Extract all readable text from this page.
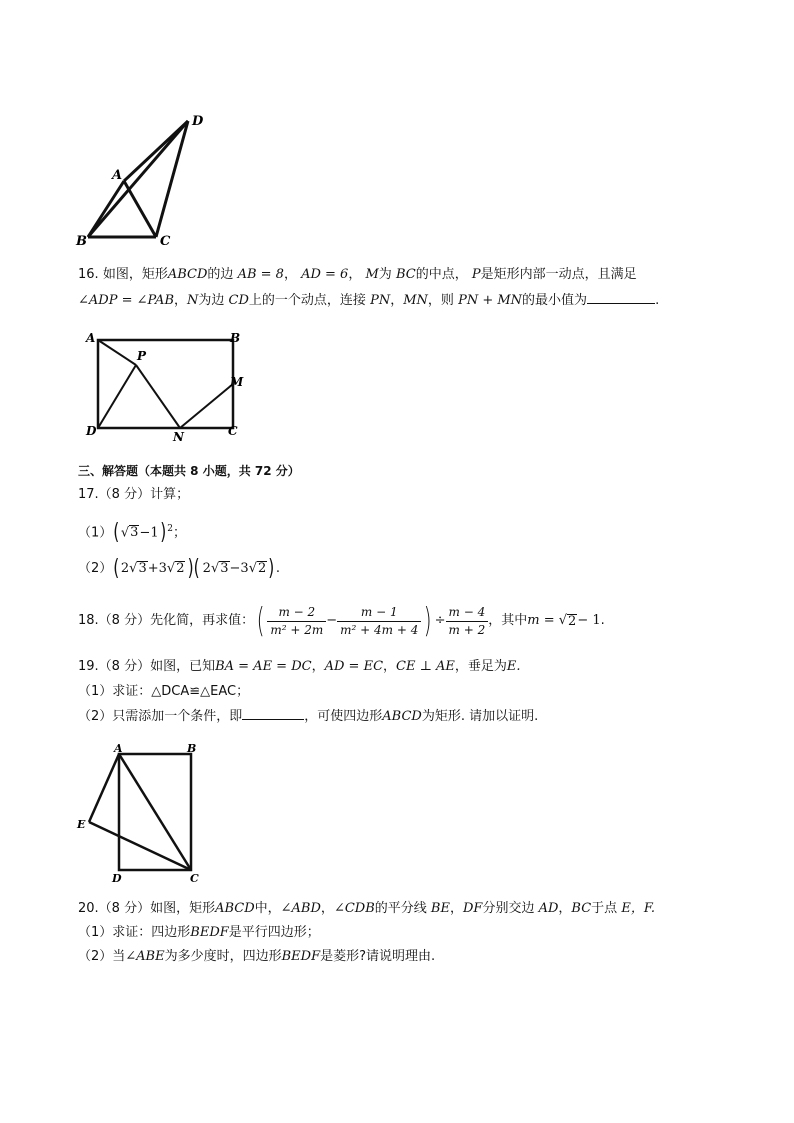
A
B	C
D
16. 如图，矩形ABCD的边 AB = 8， AD = 6， M为 BC的中点， P是矩形内部一动点，且满足
∠ADP = ∠PAB，N为边 CD上的一个动点，连接 PN，MN，则 PN + MN的最小值为	.
A	B
P
M
D	N	C
三、解答题（本题共 8 小题，共 72 分）
17.（8 分）计算；
$(1)(√3-1)^2$；
（2）(2√3+3√2 )( 2√3−3√2 ).
18.（8 分）先化简，再求值：( $\frac{m - 2}{\text{m² + 2m}} - \frac{m - 1}{\text{m² + 4m + 4}}$ ) ÷ $\frac{m - 4}{m + 2}$ ，其中m = √2− 1.
19.（8 分）如图，已知BA = AE = DC，AD = EC，CE ⊥ AE，垂足为E.
（1）求证：△DCA≌△EAC；
（2）只需添加一个条件，即	，可使四边形ABCD为矩形. 请加以证明.
A	B
E
D	C
20.（8 分）如图，矩形ABCD中，∠ABD，∠CDB的平分线 BE，DF分别交边 AD，BC于点 E，F.
（1）求证：四边形BEDF是平行四边形；
（2）当∠ABE为多少度时，四边形BEDF是菱形?请说明理由.
